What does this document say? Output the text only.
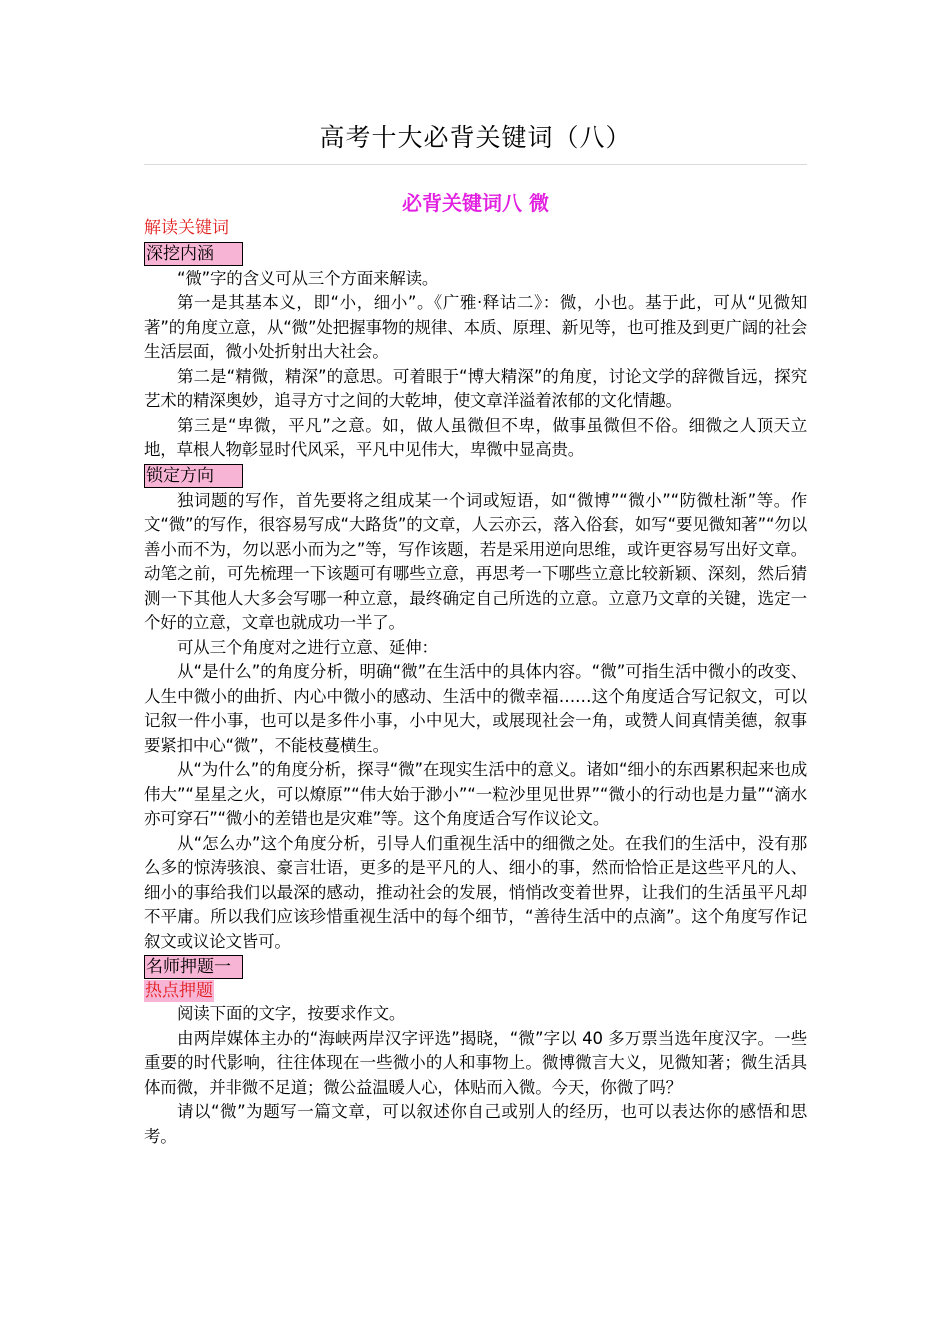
高考十大必背关键词（八）
必背关键词八 微
解读关键词
深挖内涵

“微”字的含义可从三个方面来解读。

第一是其基本义，即“小，细小”。《广雅·释诂二》：微，小也。基于此，可从“见微知著”的角度立意，从“微”处把握事物的规律、本质、原理、新见等，也可推及到更广阔的社会生活层面，微小处折射出大社会。

第二是“精微，精深”的意思。可着眼于“博大精深”的角度，讨论文学的辞微旨远，探究艺术的精深奥妙，追寻方寸之间的大乾坤，使文章洋溢着浓郁的文化情趣。

第三是“卑微，平凡”之意。如，做人虽微但不卑，做事虽微但不俗。细微之人顶天立地，草根人物彰显时代风采，平凡中见伟大，卑微中显高贵。

锁定方向

独词题的写作，首先要将之组成某一个词或短语，如“微博”“微小”“防微杜渐”等。作文“微”的写作，很容易写成“大路货”的文章，人云亦云，落入俗套，如写“要见微知著”“勿以善小而不为，勿以恶小而为之”等，写作该题，若是采用逆向思维，或许更容易写出好文章。动笔之前，可先梳理一下该题可有哪些立意，再思考一下哪些立意比较新颖、深刻，然后猜测一下其他人大多会写哪一种立意，最终确定自己所选的立意。立意乃文章的关键，选定一个好的立意，文章也就成功一半了。

可从三个角度对之进行立意、延伸：

从“是什么”的角度分析，明确“微”在生活中的具体内容。“微”可指生活中微小的改变、人生中微小的曲折、内心中微小的感动、生活中的微幸福……这个角度适合写记叙文，可以记叙一件小事，也可以是多件小事，小中见大，或展现社会一角，或赞人间真情美德，叙事要紧扣中心“微”，不能枝蔓横生。

从“为什么”的角度分析，探寻“微”在现实生活中的意义。诸如“细小的东西累积起来也成伟大”“星星之火，可以燎原”“伟大始于渺小”“一粒沙里见世界”“微小的行动也是力量”“滴水亦可穿石”“微小的差错也是灾难”等。这个角度适合写作议论文。

从“怎么办”这个角度分析，引导人们重视生活中的细微之处。在我们的生活中，没有那么多的惊涛骇浪、豪言壮语，更多的是平凡的人、细小的事，然而恰恰正是这些平凡的人、细小的事给我们以最深的感动，推动社会的发展，悄悄改变着世界，让我们的生活虽平凡却不平庸。所以我们应该珍惜重视生活中的每个细节，“善待生活中的点滴”。这个角度写作记叙文或议论文皆可。

名师押题一
热点押题

阅读下面的文字，按要求作文。

由两岸媒体主办的“海峡两岸汉字评选”揭晓，“微”字以 40 多万票当选年度汉字。一些重要的时代影响，往往体现在一些微小的人和事物上。微博微言大义，见微知著；微生活具体而微，并非微不足道；微公益温暖人心，体贴而入微。今天，你微了吗？

请以“微”为题写一篇文章，可以叙述你自己或别人的经历，也可以表达你的感悟和思考。
